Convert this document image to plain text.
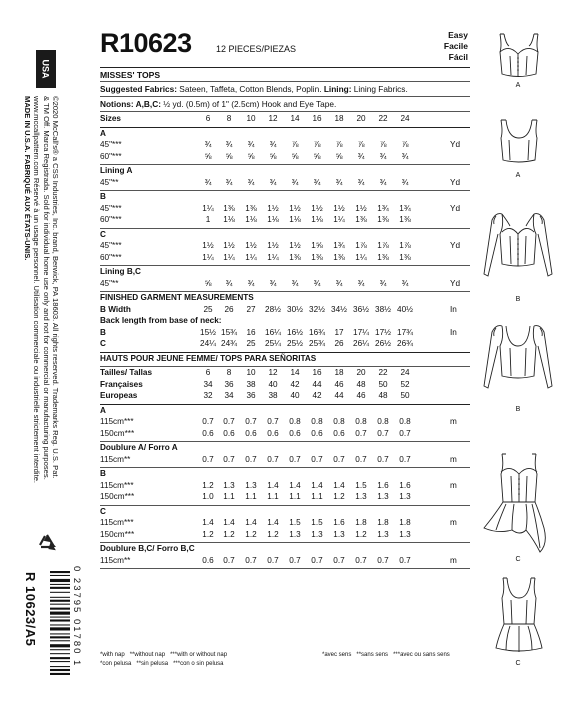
USA
©2020 McCall's® a CSS Industries, Inc. brand, Berwick, PA 18603. All rights reserved. Trademarks Reg. U.S. Pat.
& TM Off. Marca Registrada. Sold for individual home use only and not for commercial or manufacturing purposes.
www.mccallpattern.com Réservé à un usage personnel. Utilisation commerciale ou industrielle strictement interdite.
MADE IN U.S.A. FABRIQUÉ AUX ÉTATS-UNIS.
R 10623/A5	0 23795 01780 1
R10623	12 PIECES/PIEZAS
Easy
Facile
Fácil
MISSES' TOPS
Suggested Fabrics: Sateen, Taffeta, Cotton Blends, Poplin. Lining: Lining Fabrics.
Notions: A,B,C: ½ yd. (0.5m) of 1" (2.5cm) Hook and Eye Tape.
Sizes	6	8	10	12	14	16	18	20	22	24
A
45"***	¾	¾	¾	¾	⅞	⅞	⅞	⅞	⅞	⅞	Yd
60"***	⅝	⅝	⅝	⅝	⅝	⅝	⅝	¾	¾	¾
Lining A
45"**	¾	¾	¾	¾	¾	¾	¾	¾	¾	¾	Yd
B
45"***	1¼	1⅜	1⅜	1½	1½	1½	1½	1½	1¾	1¾	Yd
60"***	1	1⅛	1⅛	1⅛	1⅛	1⅛	1¼	1⅜	1⅜	1⅜
C
45"***	1½	1½	1½	1½	1½	1⅝	1¾	1⅞	1⅞	1⅞	Yd
60"***	1¼	1¼	1¼	1¼	1⅜	1⅜	1⅜	1¼	1⅜	1⅜
Lining B,C
45"**	⅝	¾	¾	¾	¾	¾	¾	¾	¾	¾	Yd
FINISHED GARMENT MEASUREMENTS
B Width	25	26	27	28½ 30½ 32½ 34½ 36½ 38½ 40½	In
Back length from base of neck:
B	15½ 15¾	16	16¼ 16½ 16¾	17	17¼ 17½ 17¾	In
C	24¼ 24¾	25	25¼ 25½ 25¾	26	26¼ 26½ 26¾
HAUTS POUR JEUNE FEMME/ TOPS PARA SEÑORITAS
Tailles/ Tallas	6	8	10	12	14	16	18	20	22	24
Françaises	34	36	38	40	42	44	46	48	50	52
Europeas	32	34	36	38	40	42	44	46	48	50
A
115cm***	0.7	0.7	0.7	0.7	0.8	0.8	0.8	0.8	0.8	0.8	m
150cm***	0.6	0.6	0.6	0.6	0.6	0.6	0.6	0.7	0.7	0.7
Doublure A/ Forro A
115cm**	0.7	0.7	0.7	0.7	0.7	0.7	0.7	0.7	0.7	0.7	m
B
115cm***	1.2	1.3	1.3	1.4	1.4	1.4	1.4	1.5	1.6	1.6	m
150cm***	1.0	1.1	1.1	1.1	1.1	1.1	1.2	1.3	1.3	1.3
C
115cm***	1.4	1.4	1.4	1.4	1.5	1.5	1.6	1.8	1.8	1.8	m
150cm***	1.2	1.2	1.2	1.2	1.3	1.3	1.3	1.2	1.3	1.3
Doublure B,C/ Forro B,C
115cm**	0.6	0.7	0.7	0.7	0.7	0.7	0.7	0.7	0.7	0.7	m
*with nap **without nap ***with or without nap
*con pelusa **sin pelusa ***con o sin pelusa
*avec sens **sans sens ***avec ou sans sens
A
A
B
B
C
C
